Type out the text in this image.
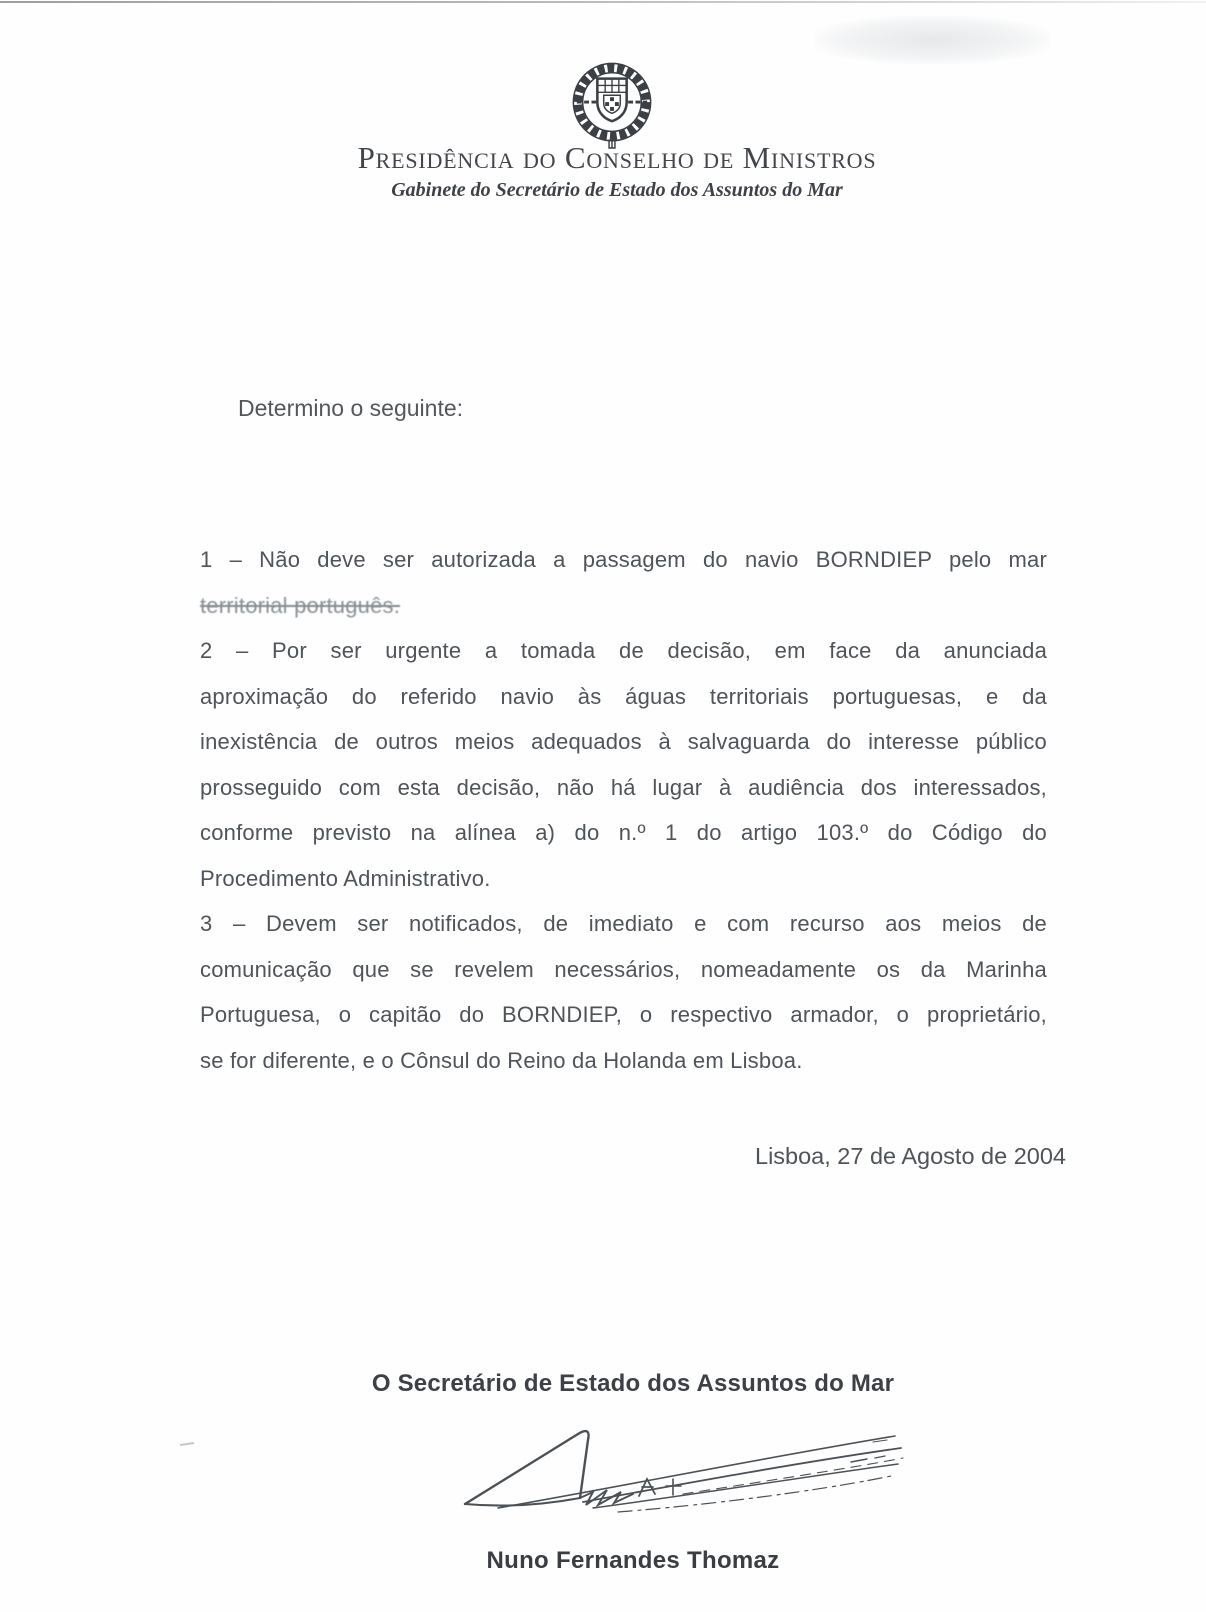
Presidência do Conselho de Ministros
Gabinete do Secretário de Estado dos Assuntos do Mar
Determino o seguinte:
1 – Não deve ser autorizada a passagem do navio BORNDIEP pelo mar
territorial português.
2 – Por ser urgente a tomada de decisão, em face da anunciada
aproximação do referido navio às águas territoriais portuguesas, e da
inexistência de outros meios adequados à salvaguarda do interesse público
prosseguido com esta decisão, não há lugar à audiência dos interessados,
conforme previsto na alínea a) do n.º 1 do artigo 103.º do Código do
Procedimento Administrativo.
3 – Devem ser notificados, de imediato e com recurso aos meios de
comunicação que se revelem necessários, nomeadamente os da Marinha
Portuguesa, o capitão do BORNDIEP, o respectivo armador, o proprietário,
se for diferente, e o Cônsul do Reino da Holanda em Lisboa.
Lisboa, 27 de Agosto de 2004
O Secretário de Estado dos Assuntos do Mar
Nuno Fernandes Thomaz
